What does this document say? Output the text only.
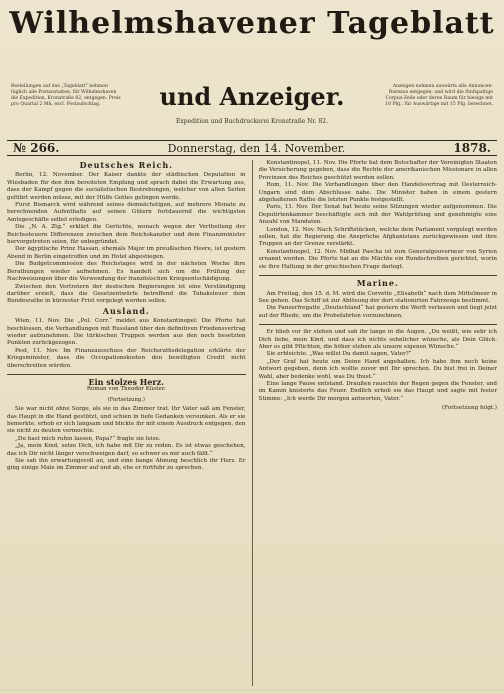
Bestellungen auf das „Tageblatt“ nehmen täglich alle Postanstalten, für Wilhelmshaven die Expedition, Kronstraße 82, entgegen. Preis pro Quartal 2 Mk. excl. Postaufschlag.
Anzeigen nehmen auswärts alle Annoncen-Bureaus entgegen, und wird die fünfspaltige Corpus-Zeile oder deren Raum für hiesige mit 10 Pfg., für Auswärtige mit 15 Pfg. berechnet.
Wilhelmshavener Tageblatt
und Anzeiger.
Expedition und Buchdruckerei Kronstraße Nr. 82.
№ 266.	Donnerstag, den 14. November.	1878.
Deutsches Reich.

Berlin, 12. November. Der Kaiser dankte der städtischen Deputation in Wiesbaden für den ihm bereiteten Empfang und sprach dabei die Erwartung aus, dass der Kampf gegen die socialistischen Bestrebungen, welcher von allen Seiten geführt werden müsse, mit der Hülfe Gottes gelingen werde.

Fürst Bismarck wird während seines demnächstigen, auf mehrere Monate zu berechnenden Aufenthalts auf seinen Gütern fortdauernd die wichtigsten Amtsgeschäfte selbst erledigen.

Die „N. A. Ztg.“ erklärt die Gerüchte, wonach wegen der Vertheilung der Reichssteuern Differenzen zwischen dem Reichskanzler und dem Finanzminister hervorgetreten seien, für unbegründet.

Der ägyptische Prinz Hassan, ehemals Major im preußischen Heere, ist gestern Abend in Berlin eingetroffen und im Hotel abgestiegen.

Die Budgetcommission des Reichstages wird in der nächsten Woche ihre Berathungen wieder aufnehmen. Es handelt sich um die Prüfung der Nachweisungen über die Verwendung der französischen Kriegsentschädigung.

Zwischen den Vertretern der deutschen Regierungen ist eine Verständigung darüber erzielt, dass die Gesetzentwürfe betreffend die Tabaksteuer dem Bundesrathe in kürzester Frist vorgelegt werden sollen.

Ausland.

Wien, 11. Nov. Die „Pol. Corr.“ meldet aus Konstantinopel: Die Pforte hat beschlossen, die Verhandlungen mit Russland über den definitiven Friedensvertrag wieder aufzunehmen. Die türkischen Truppen werden aus den noch besetzten Punkten zurückgezogen.

Pest, 11. Nov. Im Finanzausschuss der Reichsrathsdelegation erklärte der Kriegsminister, dass die Occupationskosten den bewilligten Credit nicht überschreiten würden.

Ein stolzes Herz.
Roman von Theodor Küster.
(Fortsetzung.)

Sie war nicht ohne Sorge, als sie in das Zimmer trat. Ihr Vater saß am Fenster, das Haupt in die Hand gestützt, und schien in tiefe Gedanken versunken. Als er sie bemerkte, erhob er sich langsam und blickte ihr mit einem Ausdruck entgegen, den sie nicht zu deuten vermochte.

„Du hast mich rufen lassen, Papa?“ fragte sie leise.

„Ja, mein Kind, setze Dich, ich habe mit Dir zu reden. Es ist etwas geschehen, das ich Dir nicht länger verschweigen darf, so schwer es mir auch fällt.“

Sie sah ihn erwartungsvoll an, und eine bange Ahnung beschlich ihr Herz. Er ging einige Male im Zimmer auf und ab, ehe er fortfuhr zu sprechen.

Konstantinopel, 11. Nov. Die Pforte hat dem Botschafter der Vereinigten Staaten die Versicherung gegeben, dass die Rechte der amerikanischen Missionare in allen Provinzen des Reiches geschützt werden sollen.

Rom, 11. Nov. Die Verhandlungen über den Handelsvertrag mit Oesterreich-Ungarn sind dem Abschlusse nahe. Die Minister haben in einem gestern abgehaltenen Rathe die letzten Punkte festgestellt.

Paris, 11. Nov. Der Senat hat heute seine Sitzungen wieder aufgenommen. Die Deputirtenkammer beschäftigte sich mit der Wahlprüfung und genehmigte eine Anzahl von Mandaten.

London, 12. Nov. Nach Schriftstücken, welche dem Parlament vorgelegt werden sollen, hat die Regierung die Ansprüche Afghanistans zurückgewiesen und ihre Truppen an der Grenze verstärkt.

Konstantinopel, 12. Nov. Midhat Pascha ist zum Generalgouverneur von Syrien ernannt worden. Die Pforte hat an die Mächte ein Rundschreiben gerichtet, worin sie ihre Haltung in der griechischen Frage darlegt.

Marine.

Am Freitag, den 15. d. M. wird die Corvette „Elisabeth“ nach dem Mittelmeer in See gehen. Das Schiff ist zur Ablösung der dort stationirten Fahrzeuge bestimmt.

Die Panzerfregatte „Deutschland“ hat gestern die Werft verlassen und liegt jetzt auf der Rhede, um die Probefahrten vorzunehmen.

Er blieb vor ihr stehen und sah ihr lange in die Augen. „Du weißt, wie sehr ich Dich liebe, mein Kind, und dass ich nichts sehnlicher wünsche, als Dein Glück. Aber es gibt Pflichten, die höher stehen als unsere eigenen Wünsche.“

Sie erbleichte. „Was willst Du damit sagen, Vater?“

„Der Graf hat heute um Deine Hand angehalten. Ich habe ihm noch keine Antwort gegeben, denn ich wollte zuvor mit Dir sprechen. Du bist frei in Deiner Wahl, aber bedenke wohl, was Du thust.“

Eine lange Pause entstand. Draußen rauschte der Regen gegen die Fenster, und im Kamin knisterte das Feuer. Endlich erhob sie das Haupt und sagte mit fester Stimme: „Ich werde Dir morgen antworten, Vater.“

(Fortsetzung folgt.)
